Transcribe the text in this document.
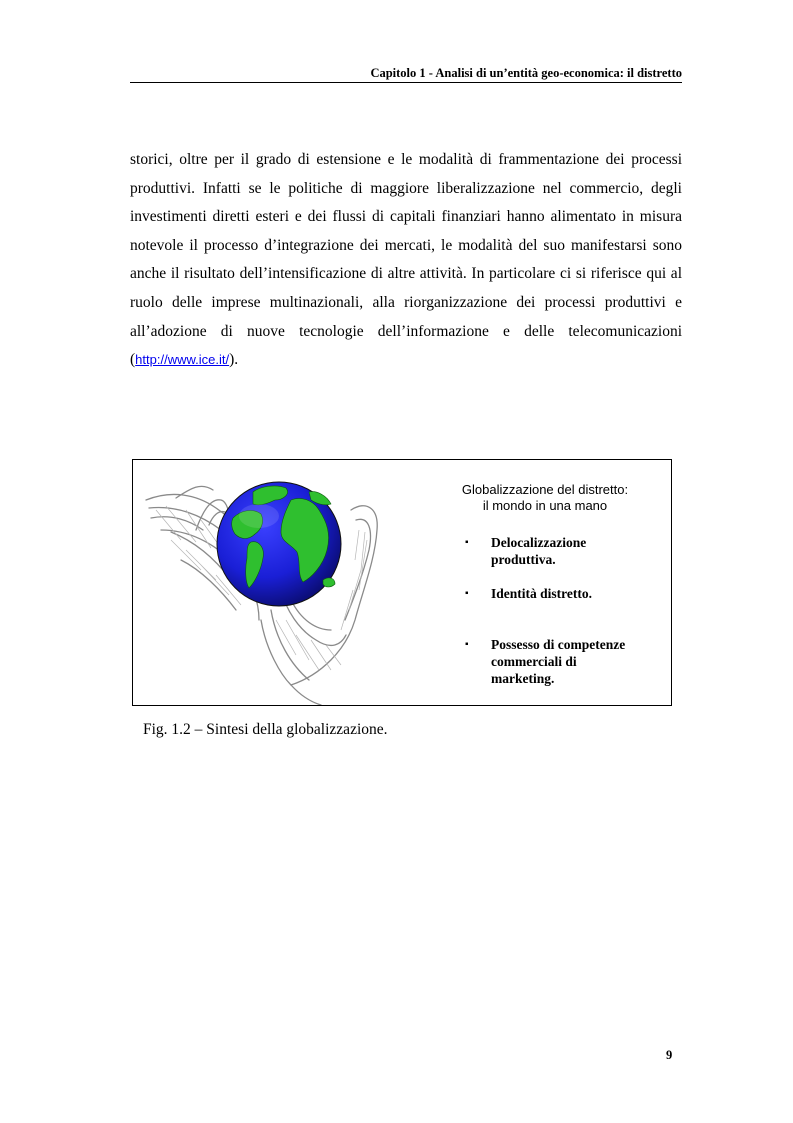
Capitolo 1 - Analisi di un’entità geo-economica: il distretto

storici, oltre per il grado di estensione e le modalità di frammentazione dei processi produttivi. Infatti se le politiche di maggiore liberalizzazione nel commercio, degli investimenti diretti esteri e dei flussi di capitali finanziari hanno alimentato in misura notevole il processo d’integrazione dei mercati, le modalità del suo manifestarsi sono anche il risultato dell’intensificazione di altre attività. In particolare ci si riferisce qui al ruolo delle imprese multinazionali, alla riorganizzazione dei processi produttivi e all’adozione di nuove tecnologie dell’informazione e delle telecomunicazioni (http://www.ice.it/).

Globalizzazione del distretto:
il mondo in una mano

▪ Delocalizzazione produttiva.
▪ Identità distretto.
▪ Possesso di competenze commerciali di marketing.
Fig. 1.2 – Sintesi della globalizzazione.
9
